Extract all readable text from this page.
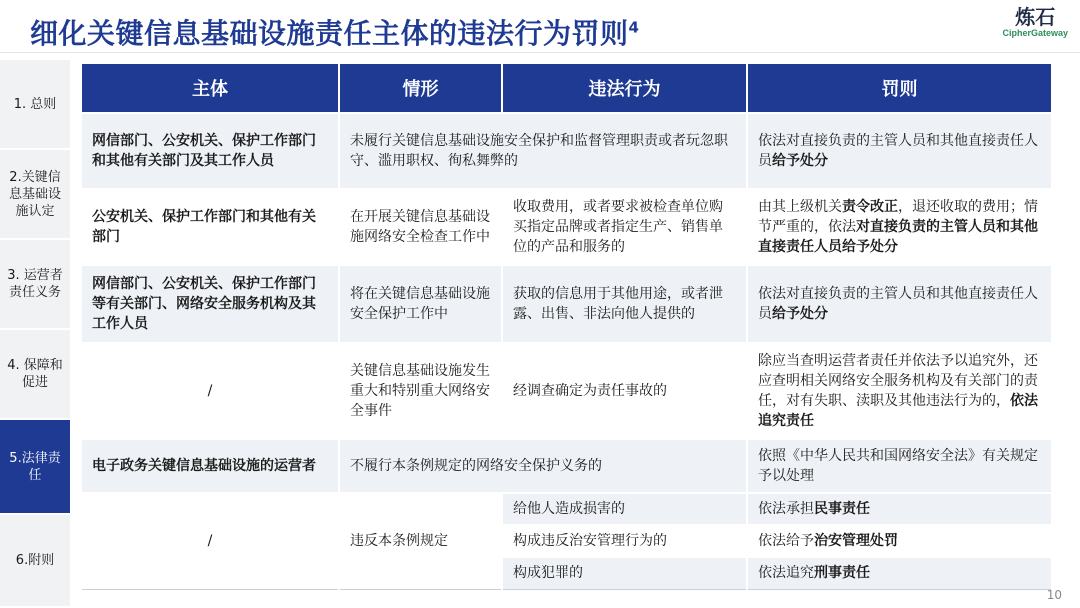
细化关键信息基础设施责任主体的违法行为罚则$^4$	炼石
CipherGateway
1. 总则
2.关键信息基础设施认定
3. 运营者责任义务
4. 保障和促进
5.法律责任
6.附则
主体	情形	违法行为	罚则
网信部门、公安机关、保护工作部门和其他有关部门及其工作人员	未履行关键信息基础设施安全保护和监督管理职责或者玩忽职守、滥用职权、徇私舞弊的		依法对直接负责的主管人员和其他直接责任人员给予处分
公安机关、保护工作部门和其他有关部门	在开展关键信息基础设施网络安全检查工作中	收取费用，或者要求被检查单位购买指定品牌或者指定生产、销售单位的产品和服务的	由其上级机关责令改正，退还收取的费用；情节严重的，依法对直接负责的主管人员和其他直接责任人员给予处分
网信部门、公安机关、保护工作部门等有关部门、网络安全服务机构及其工作人员	将在关键信息基础设施安全保护工作中	获取的信息用于其他用途，或者泄露、出售、非法向他人提供的	依法对直接负责的主管人员和其他直接责任人员给予处分
/	关键信息基础设施发生重大和特别重大网络安全事件	经调查确定为责任事故的	除应当查明运营者责任并依法予以追究外，还应查明相关网络安全服务机构及有关部门的责任，对有失职、渎职及其他违法行为的，依法追究责任
电子政务关键信息基础设施的运营者	不履行本条例规定的网络安全保护义务的		依照《中华人民共和国网络安全法》有关规定予以处理
/	违反本条例规定	给他人造成损害的	依法承担民事责任
		构成违反治安管理行为的	依法给予治安管理处罚
		构成犯罪的	依法追究刑事责任
10
